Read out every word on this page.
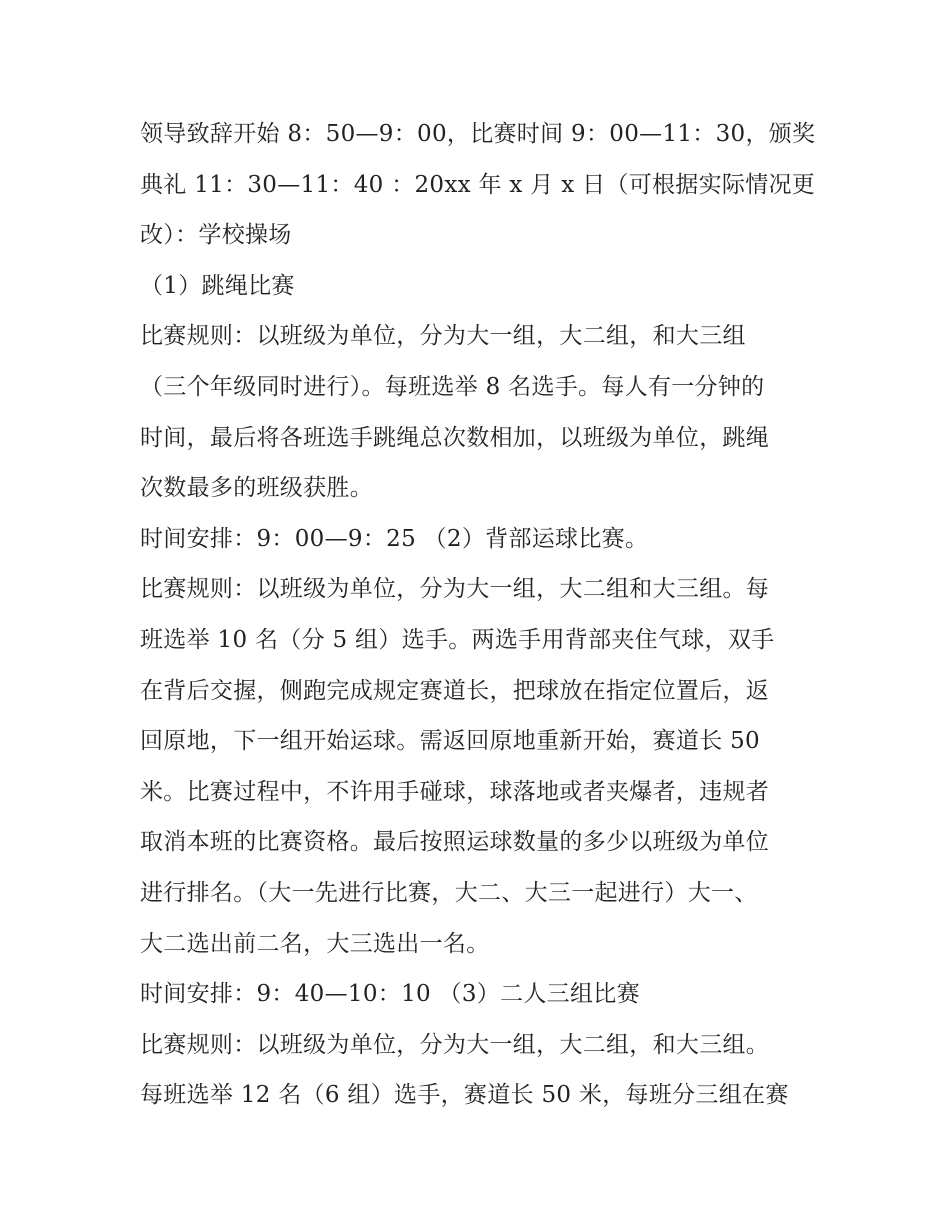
领导致辞开始 8：50—9：00，比赛时间 9：00—11：30，颁奖
典礼 11：30—11：40 ：20xx 年 x 月 x 日（可根据实际情况更
改）：学校操场
（1）跳绳比赛
比赛规则：以班级为单位，分为大一组，大二组，和大三组
（三个年级同时进行）。每班选举 8 名选手。每人有一分钟的
时间，最后将各班选手跳绳总次数相加，以班级为单位，跳绳
次数最多的班级获胜。
时间安排：9：00—9：25 （2）背部运球比赛。
比赛规则：以班级为单位，分为大一组，大二组和大三组。每
班选举 10 名（分 5 组）选手。两选手用背部夹住气球，双手
在背后交握，侧跑完成规定赛道长，把球放在指定位置后，返
回原地，下一组开始运球。需返回原地重新开始，赛道长 50
米。比赛过程中，不许用手碰球，球落地或者夹爆者，违规者
取消本班的比赛资格。最后按照运球数量的多少以班级为单位
进行排名。（大一先进行比赛，大二、大三一起进行）大一、
大二选出前二名，大三选出一名。
时间安排：9：40—10：10 （3）二人三组比赛
比赛规则：以班级为单位，分为大一组，大二组，和大三组。
每班选举 12 名（6 组）选手，赛道长 50 米，每班分三组在赛
